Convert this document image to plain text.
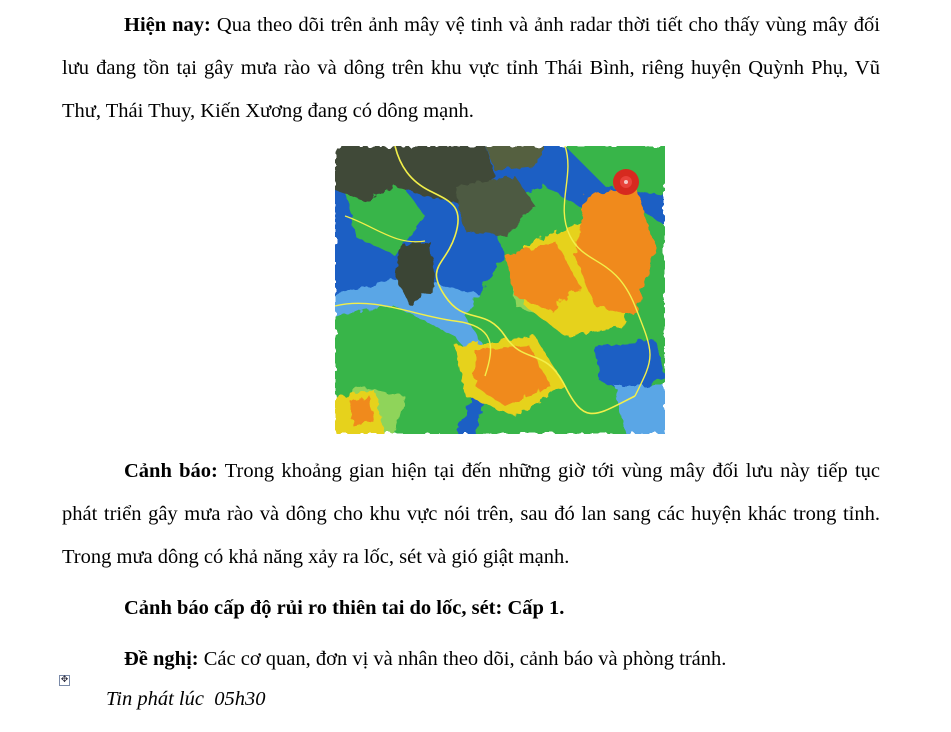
Hiện nay: Qua theo dõi trên ảnh mây vệ tinh và ảnh radar thời tiết cho thấy vùng mây đối lưu đang tồn tại gây mưa rào và dông trên khu vực tỉnh Thái Bình, riêng huyện Quỳnh Phụ, Vũ Thư, Thái Thuy, Kiến Xương đang có dông mạnh.
Cảnh báo: Trong khoảng gian hiện tại đến những giờ tới vùng mây đối lưu này tiếp tục phát triển gây mưa rào và dông cho khu vực nói trên, sau đó lan sang các huyện khác trong tỉnh. Trong mưa dông có khả năng xảy ra lốc, sét và gió giật mạnh.
Cảnh báo cấp độ rủi ro thiên tai do lốc, sét: Cấp 1.
Đề nghị: Các cơ quan, đơn vị và nhân theo dõi, cảnh báo và phòng tránh.
✥
Tin phát lúc  05h30
